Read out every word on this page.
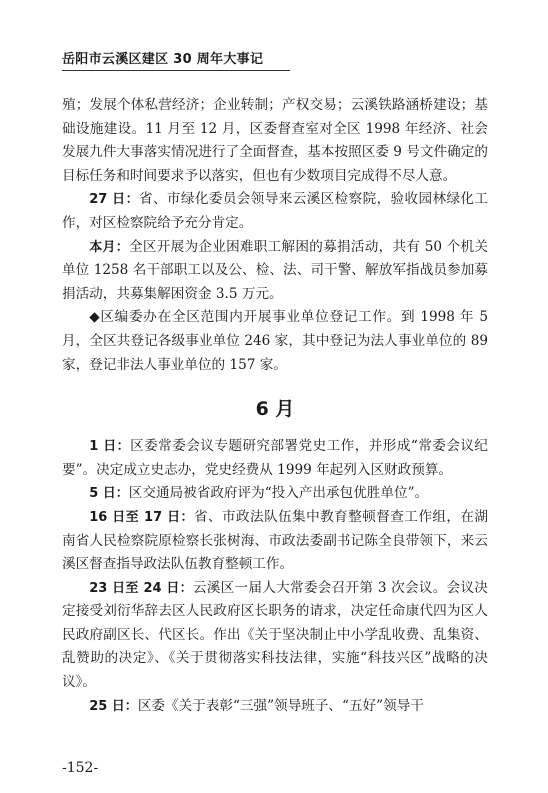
岳阳市云溪区建区 30 周年大事记

殖；发展个体私营经济；企业转制；产权交易；云溪铁路涵桥建设；基础设施建设。11 月至 12 月，区委督查室对全区 1998 年经济、社会发展九件大事落实情况进行了全面督查，基本按照区委 9 号文件确定的目标任务和时间要求予以落实，但也有少数项目完成得不尽人意。

27 日：省、市绿化委员会领导来云溪区检察院，验收园林绿化工作，对区检察院给予充分肯定。

本月：全区开展为企业困难职工解困的募捐活动，共有 50 个机关单位 1258 名干部职工以及公、检、法、司干警、解放军指战员参加募捐活动，共募集解困资金 3.5 万元。

◆区编委办在全区范围内开展事业单位登记工作。到 1998 年 5 月，全区共登记各级事业单位 246 家，其中登记为法人事业单位的 89 家，登记非法人事业单位的 157 家。

6 月

1 日：区委常委会议专题研究部署党史工作，并形成“常委会议纪要”。决定成立史志办，党史经费从 1999 年起列入区财政预算。

5 日：区交通局被省政府评为“投入产出承包优胜单位”。

16 日至 17 日：省、市政法队伍集中教育整顿督查工作组，在湖南省人民检察院原检察长张树海、市政法委副书记陈全良带领下，来云溪区督查指导政法队伍教育整顿工作。

23 日至 24 日：云溪区一届人大常委会召开第 3 次会议。会议决定接受刘衍华辞去区人民政府区长职务的请求，决定任命康代四为区人民政府副区长、代区长。作出《关于坚决制止中小学乱收费、乱集资、乱赞助的决定》、《关于贯彻落实科技法律，实施“科技兴区”战略的决议》。

25 日：区委《关于表彰“三强”领导班子、“五好”领导干

-152-
